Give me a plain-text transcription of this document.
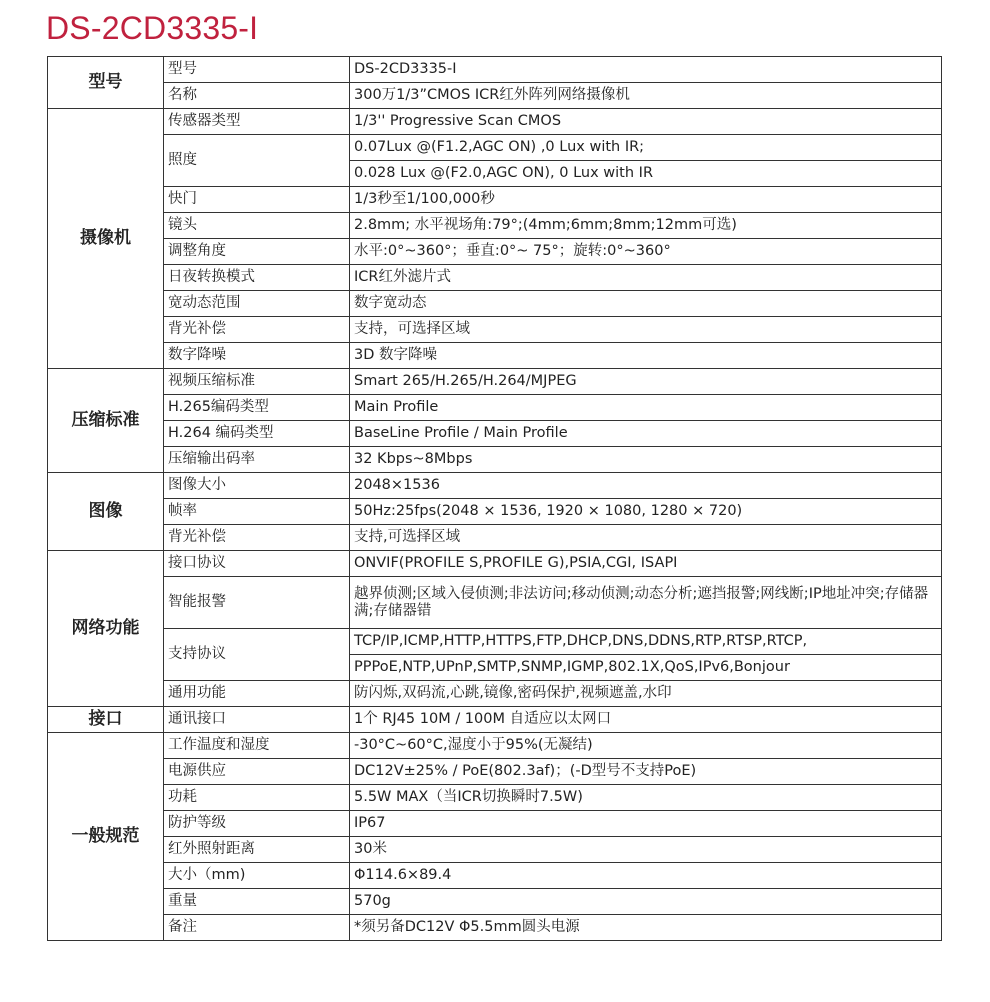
DS-2CD3335-I
型号	型号	DS-2CD3335-I
	名称	300万1/3”CMOS ICR红外阵列网络摄像机
摄像机	传感器类型	1/3'' Progressive Scan CMOS
	照度	0.07Lux @(F1.2,AGC ON) ,0 Lux with IR;
		0.028 Lux @(F2.0,AGC ON), 0 Lux with IR
	快门	1/3秒至1/100,000秒
	镜头	2.8mm; 水平视场角:79°;(4mm;6mm;8mm;12mm可选)
	调整角度	水平:0°~360°；垂直:0°~ 75°；旋转:0°~360°
	日夜转换模式	ICR红外滤片式
	宽动态范围	数字宽动态
	背光补偿	支持，可选择区域
	数字降噪	3D 数字降噪
压缩标准	视频压缩标准	Smart 265/H.265/H.264/MJPEG
	H.265编码类型	Main Profile
	H.264 编码类型	BaseLine Profile / Main Profile
	压缩输出码率	32 Kbps~8Mbps
图像	图像大小	2048×1536
	帧率	50Hz:25fps(2048 × 1536, 1920 × 1080, 1280 × 720)
	背光补偿	支持,可选择区域
网络功能	接口协议	ONVIF(PROFILE S,PROFILE G),PSIA,CGI, ISAPI
	智能报警	越界侦测;区域入侵侦测;非法访问;移动侦测;动态分析;遮挡报警;网线断;IP地址冲突;存储器满;存储器错
	支持协议	TCP/IP,ICMP,HTTP,HTTPS,FTP,DHCP,DNS,DDNS,RTP,RTSP,RTCP,
		PPPoE,NTP,UPnP,SMTP,SNMP,IGMP,802.1X,QoS,IPv6,Bonjour
	通用功能	防闪烁,双码流,心跳,镜像,密码保护,视频遮盖,水印
接口	通讯接口	1个 RJ45 10M / 100M 自适应以太网口
一般规范	工作温度和湿度	-30°C~60°C,湿度小于95%(无凝结)
	电源供应	DC12V±25% / PoE(802.3af)；(-D型号不支持PoE)
	功耗	5.5W MAX（当ICR切换瞬时7.5W)
	防护等级	IP67
	红外照射距离	30米
	大小（mm)	Φ114.6×89.4
	重量	570g
	备注	*须另备DC12V Φ5.5mm圆头电源
